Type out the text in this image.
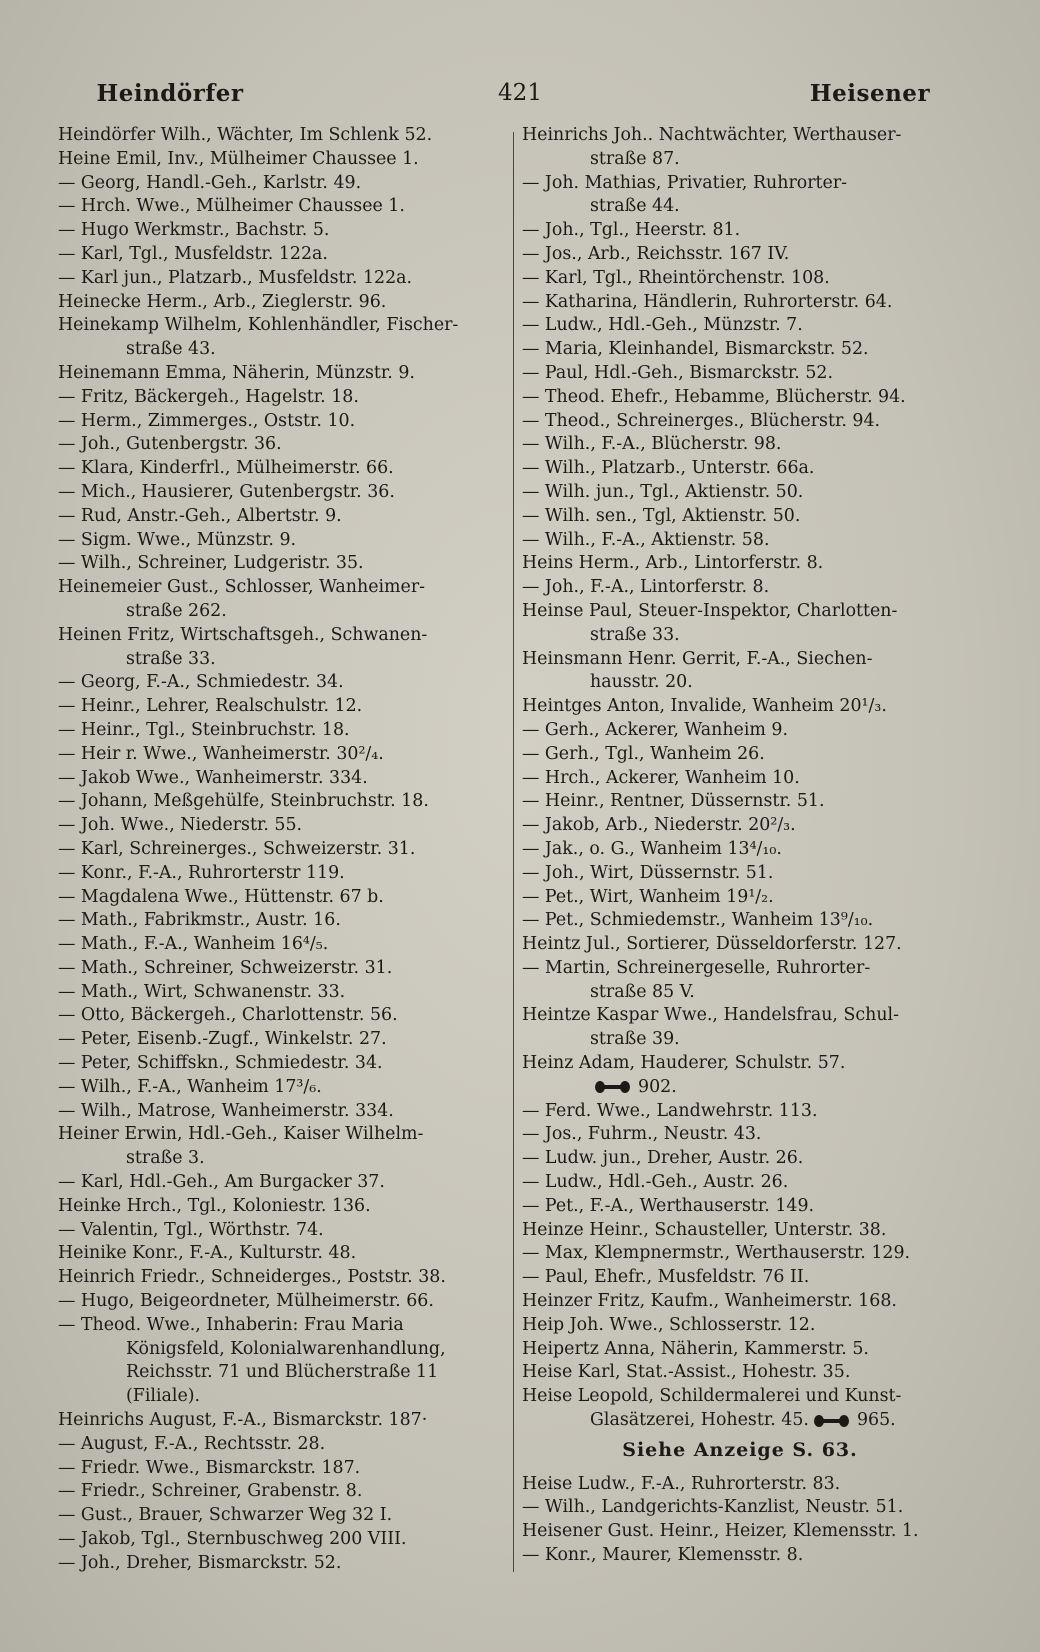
Heindörfer	421	Heisener
Heindörfer Wilh., Wächter, Im Schlenk 52.
Heine Emil, Inv., Mülheimer Chaussee 1.
— Georg, Handl.-Geh., Karlstr. 49.
— Hrch. Wwe., Mülheimer Chaussee 1.
— Hugo Werkmstr., Bachstr. 5.
— Karl, Tgl., Musfeldstr. 122a.
— Karl jun., Platzarb., Musfeldstr. 122a.
Heinecke Herm., Arb., Zieglerstr. 96.
Heinekamp Wilhelm, Kohlenhändler, Fischer-
straße 43.
Heinemann Emma, Näherin, Münzstr. 9.
— Fritz, Bäckergeh., Hagelstr. 18.
— Herm., Zimmerges., Oststr. 10.
— Joh., Gutenbergstr. 36.
— Klara, Kinderfrl., Mülheimerstr. 66.
— Mich., Hausierer, Gutenbergstr. 36.
— Rud, Anstr.-Geh., Albertstr. 9.
— Sigm. Wwe., Münzstr. 9.
— Wilh., Schreiner, Ludgeristr. 35.
Heinemeier Gust., Schlosser, Wanheimer-
straße 262.
Heinen Fritz, Wirtschaftsgeh., Schwanen-
straße 33.
— Georg, F.-A., Schmiedestr. 34.
— Heinr., Lehrer, Realschulstr. 12.
— Heinr., Tgl., Steinbruchstr. 18.
— Heir r. Wwe., Wanheimerstr. 30²/₄.
— Jakob Wwe., Wanheimerstr. 334.
— Johann, Meßgehülfe, Steinbruchstr. 18.
— Joh. Wwe., Niederstr. 55.
— Karl, Schreinerges., Schweizerstr. 31.
— Konr., F.-A., Ruhrorterstr 119.
— Magdalena Wwe., Hüttenstr. 67 b.
— Math., Fabrikmstr., Austr. 16.
— Math., F.-A., Wanheim 16⁴/₅.
— Math., Schreiner, Schweizerstr. 31.
— Math., Wirt, Schwanenstr. 33.
— Otto, Bäckergeh., Charlottenstr. 56.
— Peter, Eisenb.-Zugf., Winkelstr. 27.
— Peter, Schiffskn., Schmiedestr. 34.
— Wilh., F.-A., Wanheim 17³/₆.
— Wilh., Matrose, Wanheimerstr. 334.
Heiner Erwin, Hdl.-Geh., Kaiser Wilhelm-
straße 3.
— Karl, Hdl.-Geh., Am Burgacker 37.
Heinke Hrch., Tgl., Koloniestr. 136.
— Valentin, Tgl., Wörthstr. 74.
Heinike Konr., F.-A., Kulturstr. 48.
Heinrich Friedr., Schneiderges., Poststr. 38.
— Hugo, Beigeordneter, Mülheimerstr. 66.
— Theod. Wwe., Inhaberin: Frau Maria
Königsfeld, Kolonialwarenhandlung,
Reichsstr. 71 und Blücherstraße 11
(Filiale).
Heinrichs August, F.-A., Bismarckstr. 187·
— August, F.-A., Rechtsstr. 28.
— Friedr. Wwe., Bismarckstr. 187.
— Friedr., Schreiner, Grabenstr. 8.
— Gust., Brauer, Schwarzer Weg 32 I.
— Jakob, Tgl., Sternbuschweg 200 VIII.
— Joh., Dreher, Bismarckstr. 52.
Heinrichs Joh.. Nachtwächter, Werthauser-
straße 87.
— Joh. Mathias, Privatier, Ruhrorter-
straße 44.
— Joh., Tgl., Heerstr. 81.
— Jos., Arb., Reichsstr. 167 IV.
— Karl, Tgl., Rheintörchenstr. 108.
— Katharina, Händlerin, Ruhrorterstr. 64.
— Ludw., Hdl.-Geh., Münzstr. 7.
— Maria, Kleinhandel, Bismarckstr. 52.
— Paul, Hdl.-Geh., Bismarckstr. 52.
— Theod. Ehefr., Hebamme, Blücherstr. 94.
— Theod., Schreinerges., Blücherstr. 94.
— Wilh., F.-A., Blücherstr. 98.
— Wilh., Platzarb., Unterstr. 66a.
— Wilh. jun., Tgl., Aktienstr. 50.
— Wilh. sen., Tgl, Aktienstr. 50.
— Wilh., F.-A., Aktienstr. 58.
Heins Herm., Arb., Lintorferstr. 8.
— Joh., F.-A., Lintorferstr. 8.
Heinse Paul, Steuer-Inspektor, Charlotten-
straße 33.
Heinsmann Henr. Gerrit, F.-A., Siechen-
hausstr. 20.
Heintges Anton, Invalide, Wanheim 20¹/₃.
— Gerh., Ackerer, Wanheim 9.
— Gerh., Tgl., Wanheim 26.
— Hrch., Ackerer, Wanheim 10.
— Heinr., Rentner, Düssernstr. 51.
— Jakob, Arb., Niederstr. 20²/₃.
— Jak., o. G., Wanheim 13⁴/₁₀.
— Joh., Wirt, Düssernstr. 51.
— Pet., Wirt, Wanheim 19¹/₂.
— Pet., Schmiedemstr., Wanheim 13⁹/₁₀.
Heintz Jul., Sortierer, Düsseldorferstr. 127.
— Martin, Schreinergeselle, Ruhrorter-
straße 85 V.
Heintze Kaspar Wwe., Handelsfrau, Schul-
straße 39.
Heinz Adam, Hauderer, Schulstr. 57.
902.
— Ferd. Wwe., Landwehrstr. 113.
— Jos., Fuhrm., Neustr. 43.
— Ludw. jun., Dreher, Austr. 26.
— Ludw., Hdl.-Geh., Austr. 26.
— Pet., F.-A., Werthauserstr. 149.
Heinze Heinr., Schausteller, Unterstr. 38.
— Max, Klempnermstr., Werthauserstr. 129.
— Paul, Ehefr., Musfeldstr. 76 II.
Heinzer Fritz, Kaufm., Wanheimerstr. 168.
Heip Joh. Wwe., Schlosserstr. 12.
Heipertz Anna, Näherin, Kammerstr. 5.
Heise Karl, Stat.-Assist., Hohestr. 35.
Heise Leopold, Schildermalerei und Kunst-
Glasätzerei, Hohestr. 45.	965.
Siehe Anzeige S. 63.
Heise Ludw., F.-A., Ruhrorterstr. 83.
— Wilh., Landgerichts-Kanzlist, Neustr. 51.
Heisener Gust. Heinr., Heizer, Klemensstr. 1.
— Konr., Maurer, Klemensstr. 8.
